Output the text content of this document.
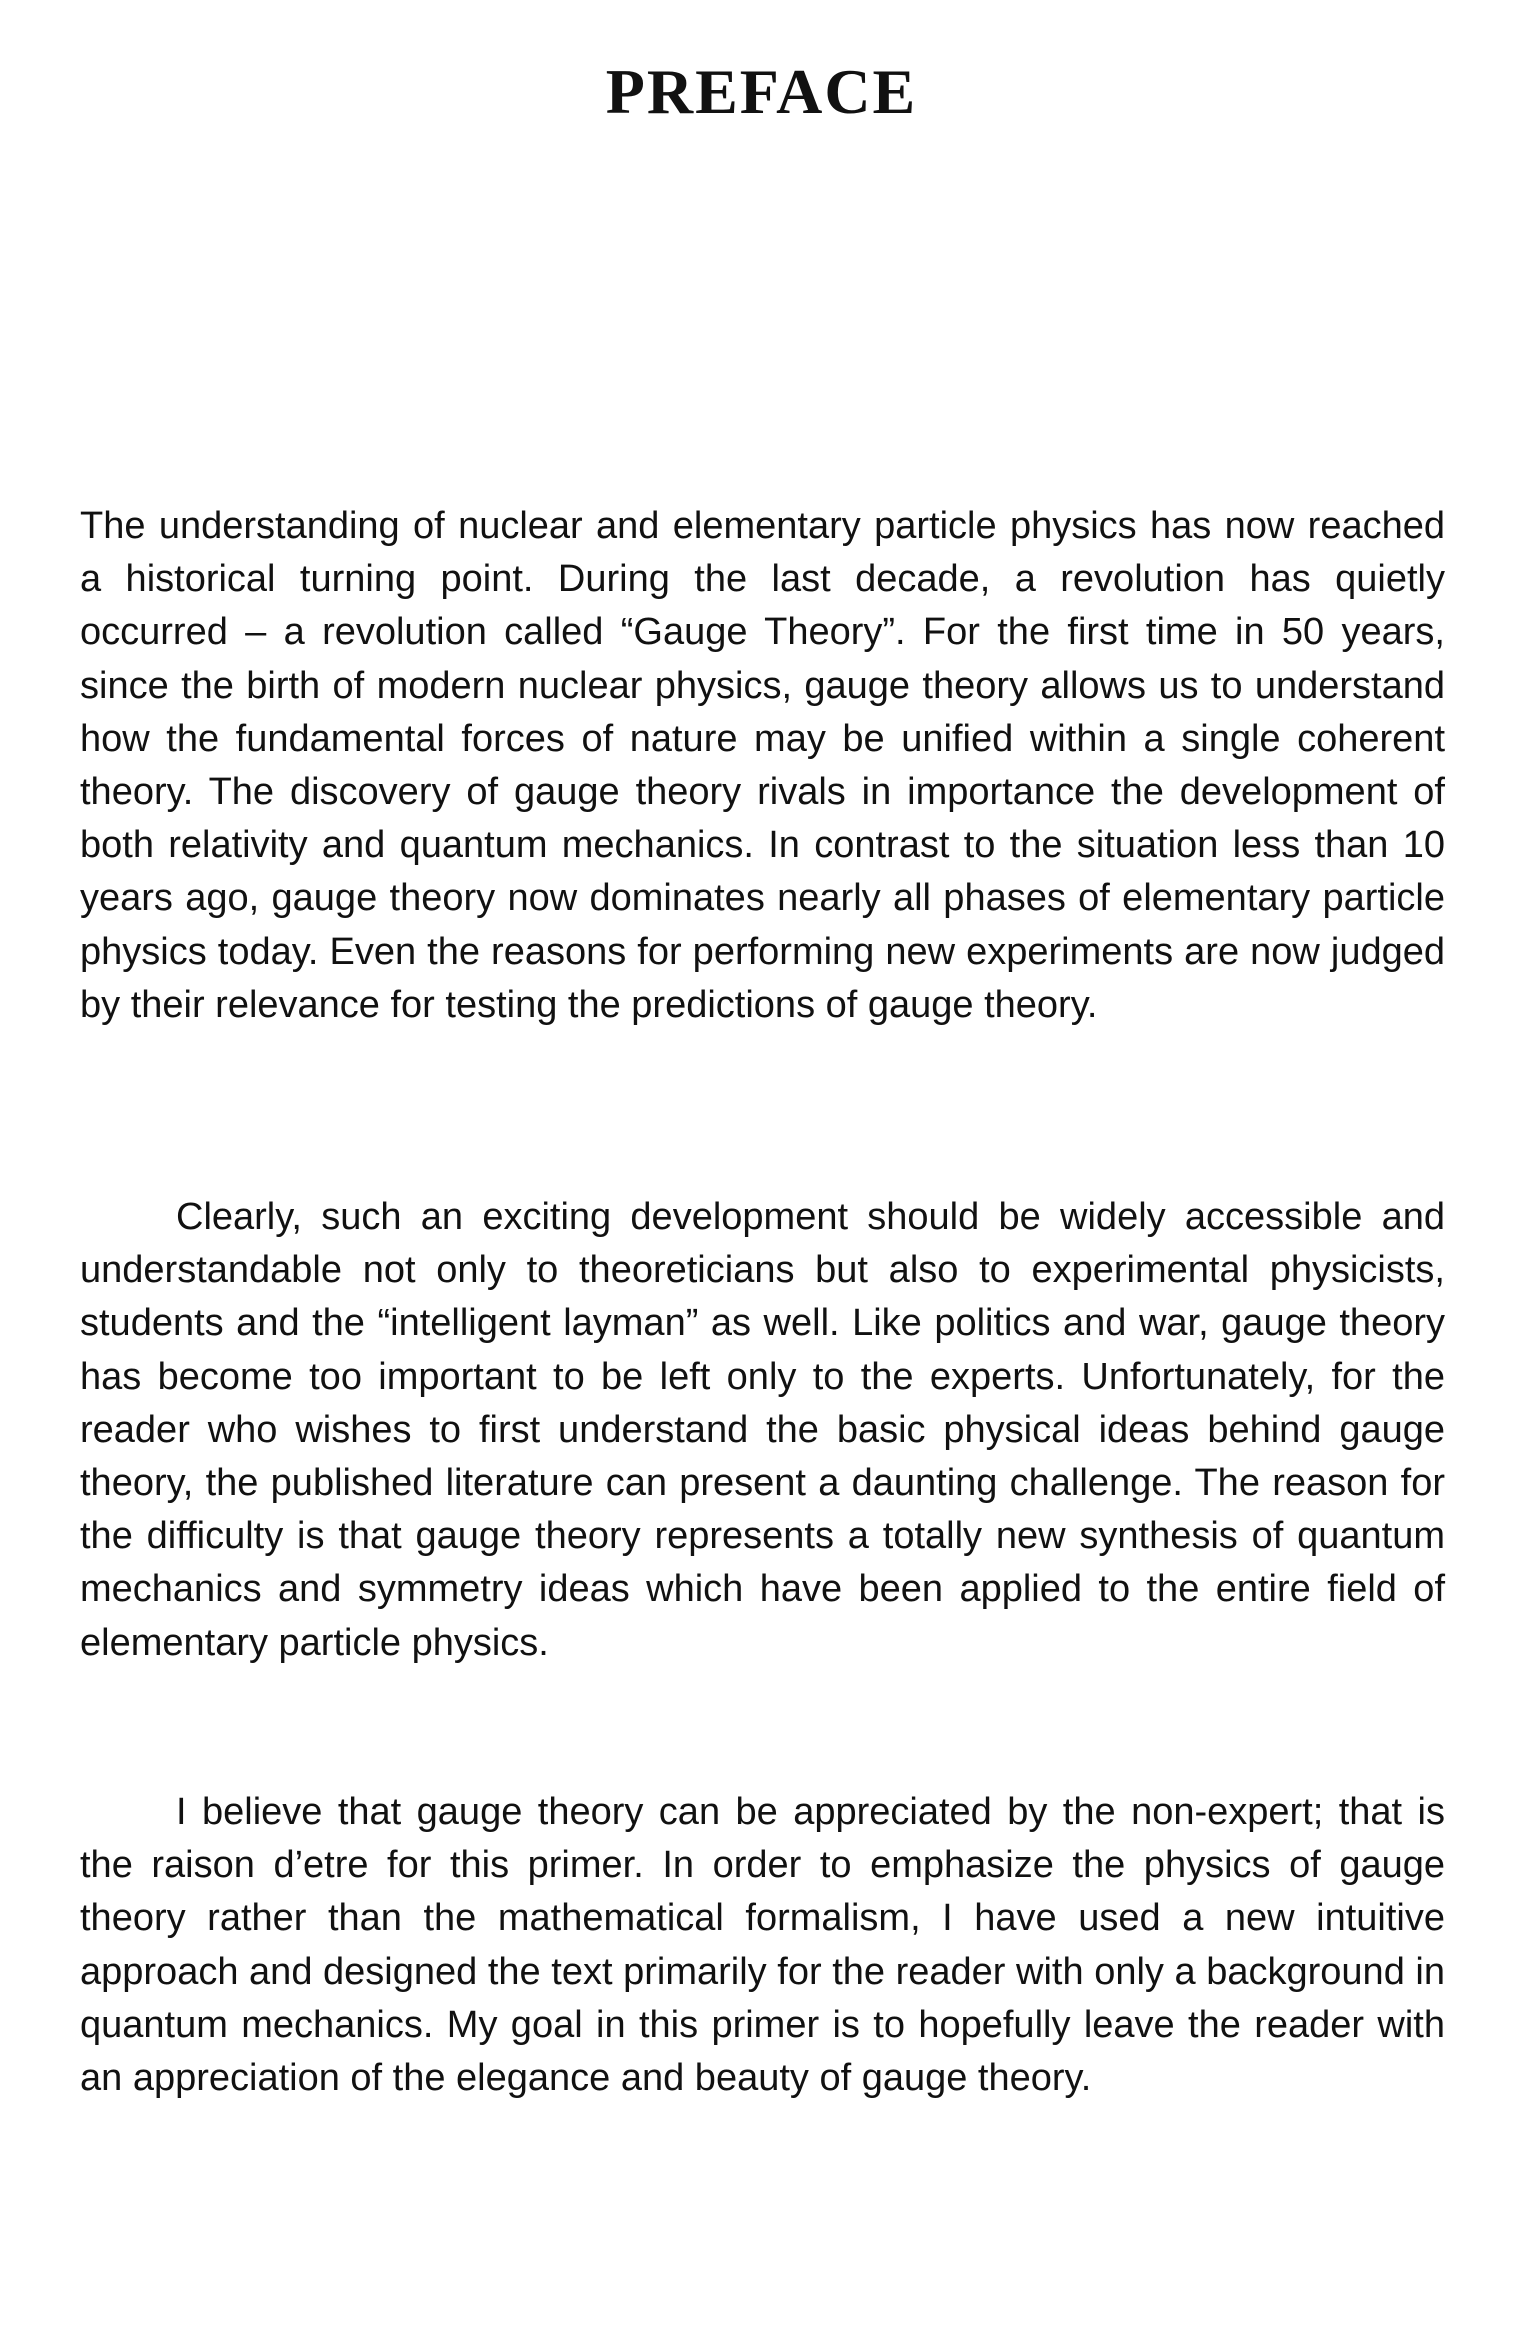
PREFACE

The understanding of nuclear and elementary particle physics has now reached a historical turning point. During the last decade, a revolution has quietly occurred – a revolution called “Gauge Theory”. For the first time in 50 years, since the birth of modern nuclear physics, gauge theory allows us to understand how the fundamental forces of nature may be unified within a single coherent theory. The discovery of gauge theory rivals in importance the development of both relativity and quantum mechanics. In contrast to the situation less than 10 years ago, gauge theory now dominates nearly all phases of elementary particle physics today. Even the reasons for performing new experiments are now judged by their relevance for testing the predictions of gauge theory.

Clearly, such an exciting development should be widely accessible and understandable not only to theoreticians but also to experimental physicists, students and the “intelligent layman” as well. Like politics and war, gauge theory has become too important to be left only to the experts. Unfortunately, for the reader who wishes to first understand the basic physical ideas behind gauge theory, the published literature can present a daunting challenge. The reason for the difficulty is that gauge theory represents a totally new synthesis of quantum mechanics and symmetry ideas which have been applied to the entire field of elementary particle physics.

I believe that gauge theory can be appreciated by the non-expert; that is the raison d’etre for this primer. In order to emphasize the physics of gauge theory rather than the mathematical formalism, I have used a new intuitive approach and designed the text primarily for the reader with only a background in quantum mechanics. My goal in this primer is to hopefully leave the reader with an appreciation of the elegance and beauty of gauge theory.
